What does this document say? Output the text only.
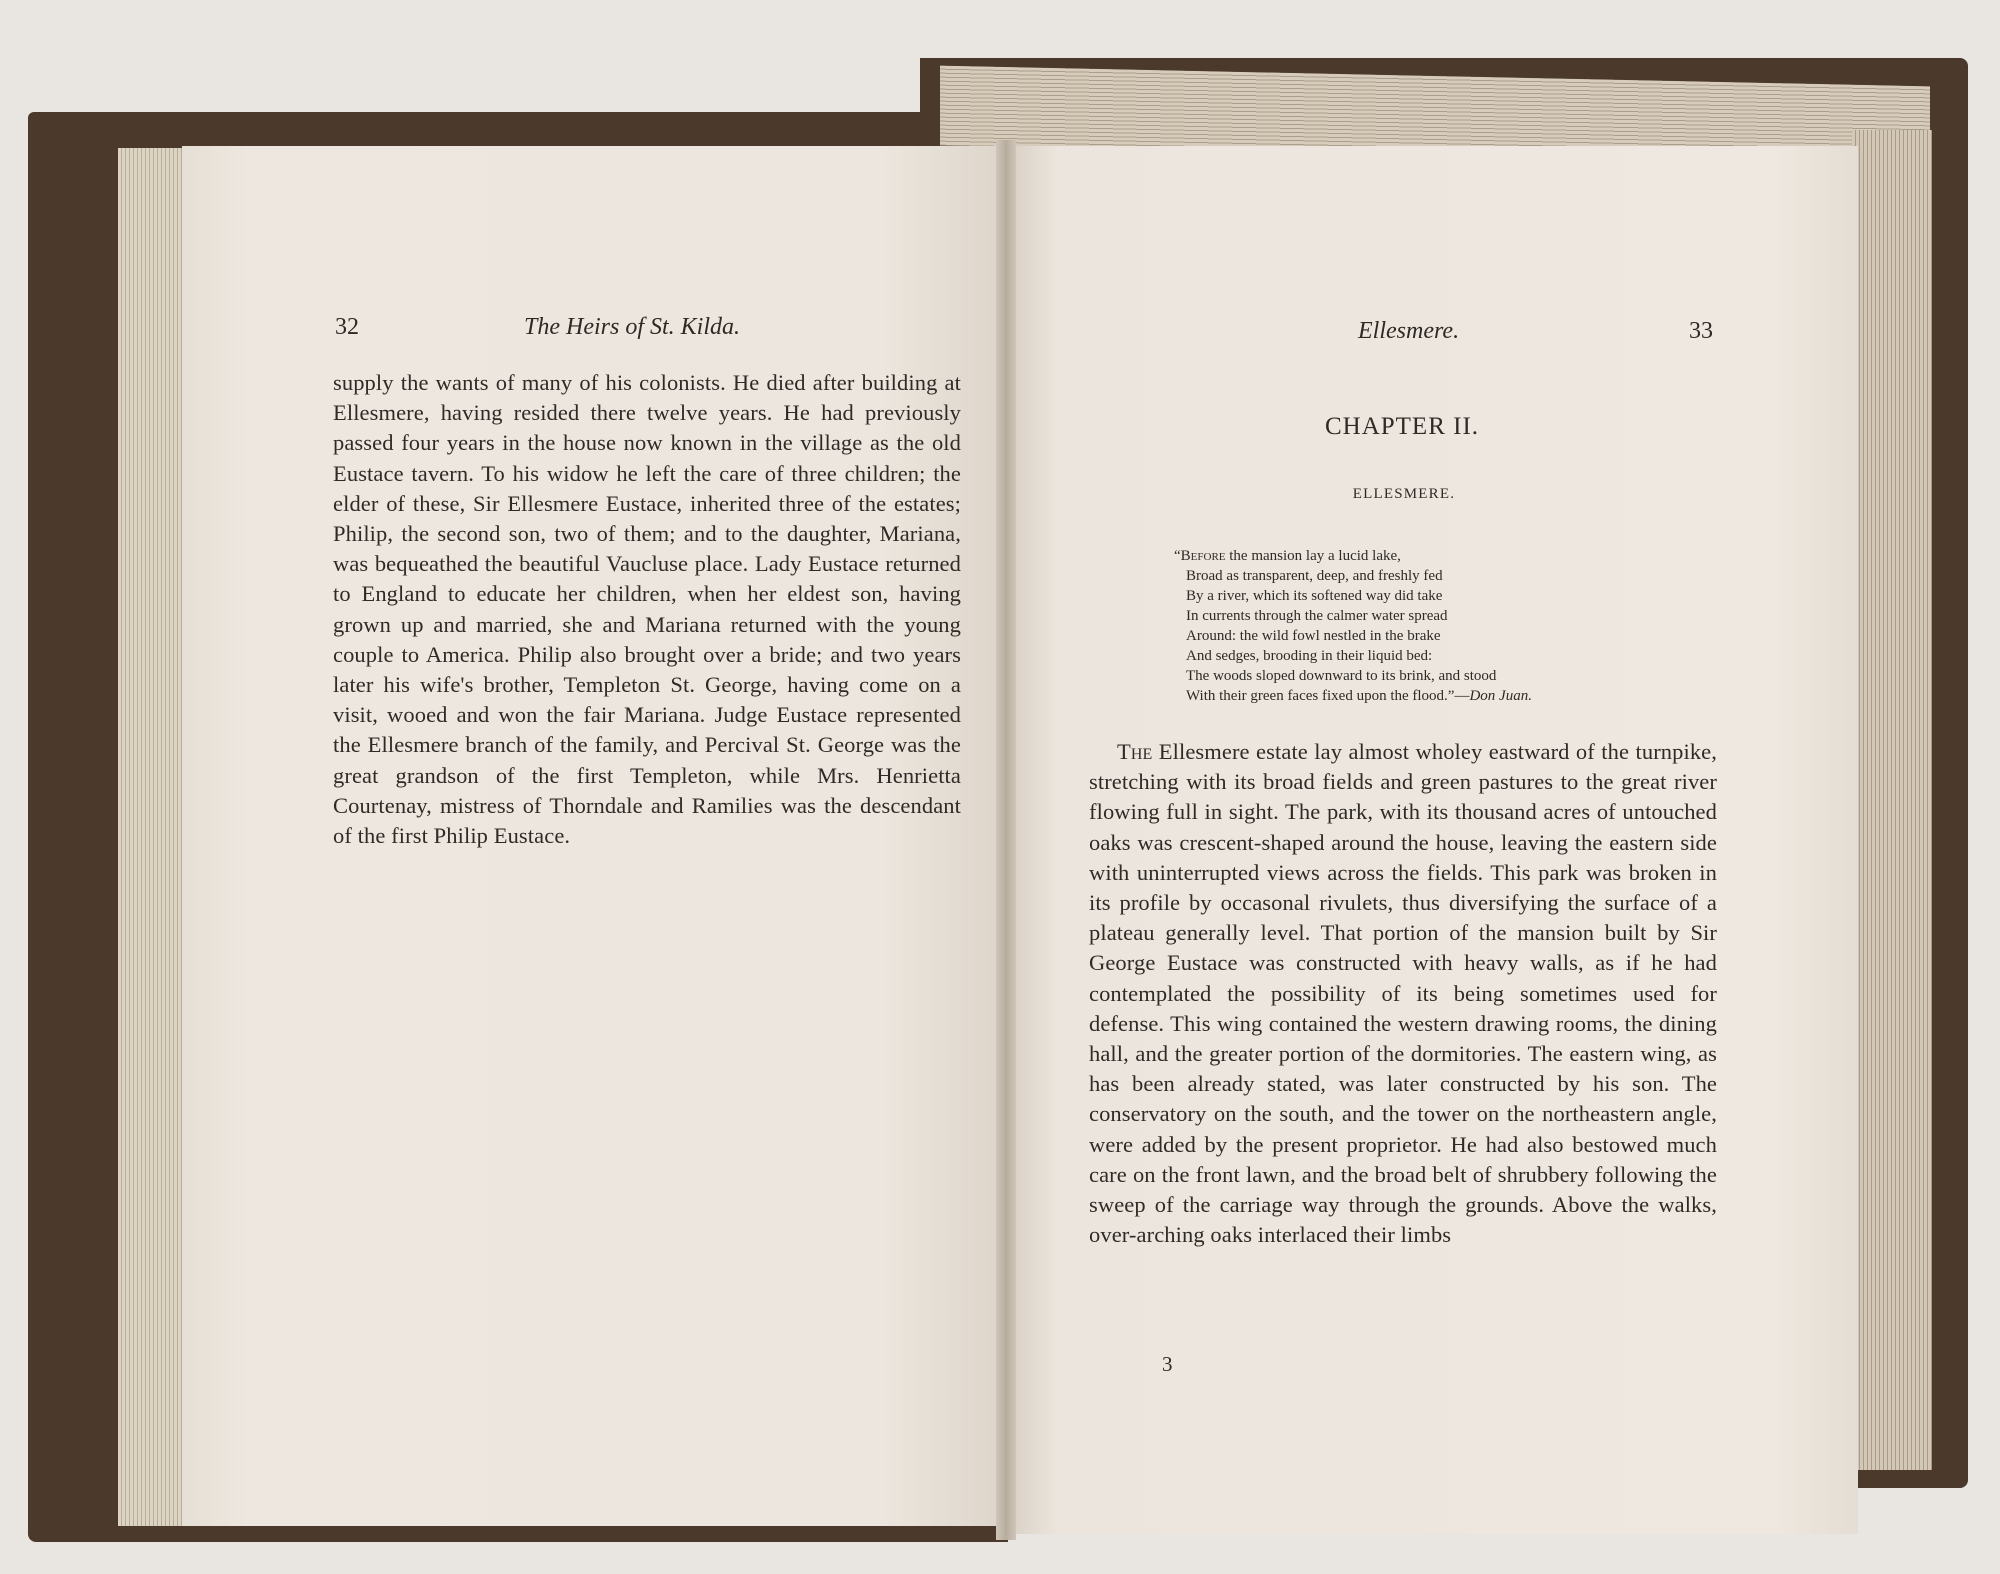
32	The Heirs of St. Kilda.

supply the wants of many of his colonists. He died after building at Ellesmere, having resided there twelve years. He had previously passed four years in the house now known in the village as the old Eustace tavern. To his widow he left the care of three children; the elder of these, Sir Ellesmere Eustace, inherited three of the estates; Philip, the second son, two of them; and to the daughter, Mariana, was bequeathed the beautiful Vaucluse place. Lady Eustace returned to England to educate her children, when her eldest son, having grown up and married, she and Mariana returned with the young couple to America. Philip also brought over a bride; and two years later his wife's brother, Templeton St. George, having come on a visit, wooed and won the fair Mariana. Judge Eustace represented the Ellesmere branch of the family, and Percival St. George was the great grandson of the first Templeton, while Mrs. Henrietta Courtenay, mistress of Thorndale and Ramilies was the descendant of the first Philip Eustace.

Ellesmere.	33
CHAPTER II.
ELLESMERE.
“Before the mansion lay a lucid lake,
Broad as transparent, deep, and freshly fed
By a river, which its softened way did take
In currents through the calmer water spread
Around: the wild fowl nestled in the brake
And sedges, brooding in their liquid bed:
The woods sloped downward to its brink, and stood
With their green faces fixed upon the flood.”—Don Juan.

The Ellesmere estate lay almost wholey eastward of the turnpike, stretching with its broad fields and green pastures to the great river flowing full in sight. The park, with its thousand acres of untouched oaks was crescent-shaped around the house, leaving the eastern side with uninterrupted views across the fields. This park was broken in its profile by occasonal rivulets, thus diversifying the surface of a plateau generally level. That portion of the mansion built by Sir George Eustace was constructed with heavy walls, as if he had contemplated the possibility of its being sometimes used for defense. This wing contained the western drawing rooms, the dining hall, and the greater portion of the dormitories. The eastern wing, as has been already stated, was later constructed by his son. The conservatory on the south, and the tower on the northeastern angle, were added by the present proprietor. He had also bestowed much care on the front lawn, and the broad belt of shrubbery following the sweep of the carriage way through the grounds. Above the walks, over-arching oaks interlaced their limbs

3
